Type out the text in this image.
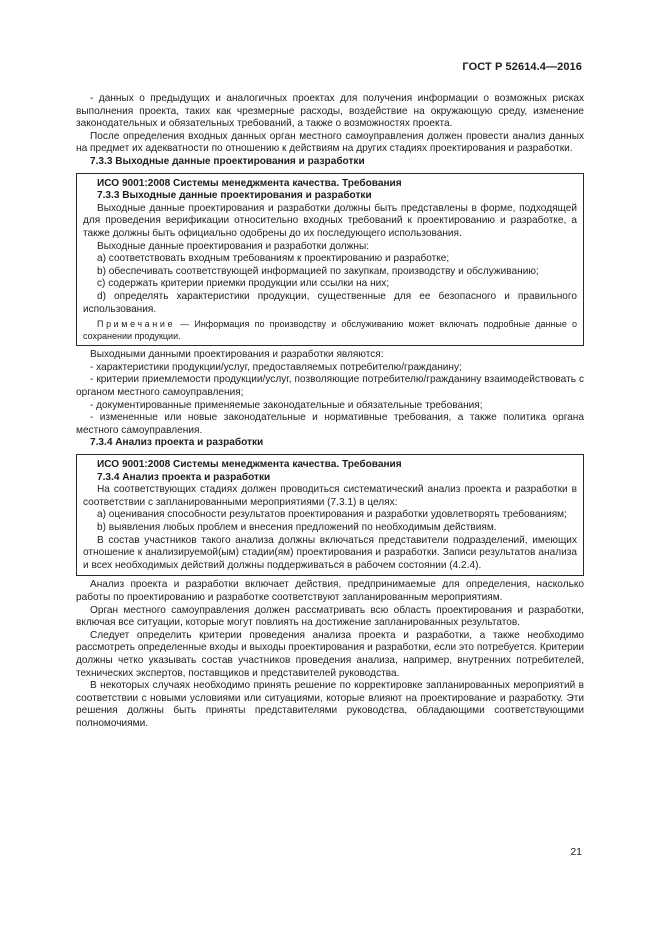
ГОСТ Р 52614.4—2016

- данных о предыдущих и аналогичных проектах для получения информации о возможных рисках выполнения проекта, таких как чрезмерные расходы, воздействие на окружающую среду, изменение законодательных и обязательных требований, а также о возможностях проекта.

После определения входных данных орган местного самоуправления должен провести анализ данных на предмет их адекватности по отношению к действиям на других стадиях проектирования и разработки.

7.3.3 Выходные данные проектирования и разработки

ИСО 9001:2008 Системы менеджмента качества. Требования

7.3.3 Выходные данные проектирования и разработки

Выходные данные проектирования и разработки должны быть представлены в форме, подходящей для проведения верификации относительно входных требований к проектированию и разработке, а также должны быть официально одобрены до их последующего использования.

Выходные данные проектирования и разработки должны:

a) соответствовать входным требованиям к проектированию и разработке;

b) обеспечивать соответствующей информацией по закупкам, производству и обслуживанию;

c) содержать критерии приемки продукции или ссылки на них;

d) определять характеристики продукции, существенные для ее безопасного и правильного использования.

Примечание — Информация по производству и обслуживанию может включать подробные данные о сохранении продукции.

Выходными данными проектирования и разработки являются:

- характеристики продукции/услуг, предоставляемых потребителю/гражданину;

- критерии приемлемости продукции/услуг, позволяющие потребителю/гражданину взаимодействовать с органом местного самоуправления;

- документированные применяемые законодательные и обязательные требования;

- измененные или новые законодательные и нормативные требования, а также политика органа местного самоуправления.

7.3.4 Анализ проекта и разработки

ИСО 9001:2008 Системы менеджмента качества. Требования

7.3.4 Анализ проекта и разработки

На соответствующих стадиях должен проводиться систематический анализ проекта и разработки в соответствии с запланированными мероприятиями (7.3.1) в целях:

a) оценивания способности результатов проектирования и разработки удовлетворять требованиям;

b) выявления любых проблем и внесения предложений по необходимым действиям.

В состав участников такого анализа должны включаться представители подразделений, имеющих отношение к анализируемой(ым) стадии(ям) проектирования и разработки. Записи результатов анализа и всех необходимых действий должны поддерживаться в рабочем состоянии (4.2.4).

Анализ проекта и разработки включает действия, предпринимаемые для определения, насколько работы по проектированию и разработке соответствуют запланированным мероприятиям.

Орган местного самоуправления должен рассматривать всю область проектирования и разработки, включая все ситуации, которые могут повлиять на достижение запланированных результатов.

Следует определить критерии проведения анализа проекта и разработки, а также необходимо рассмотреть определенные входы и выходы проектирования и разработки, если это потребуется. Критерии должны четко указывать состав участников проведения анализа, например, внутренних потребителей, технических экспертов, поставщиков и представителей руководства.

В некоторых случаях необходимо принять решение по корректировке запланированных мероприятий в соответствии с новыми условиями или ситуациями, которые влияют на проектирование и разработку. Эти решения должны быть приняты представителями руководства, обладающими соответствующими полномочиями.

21
